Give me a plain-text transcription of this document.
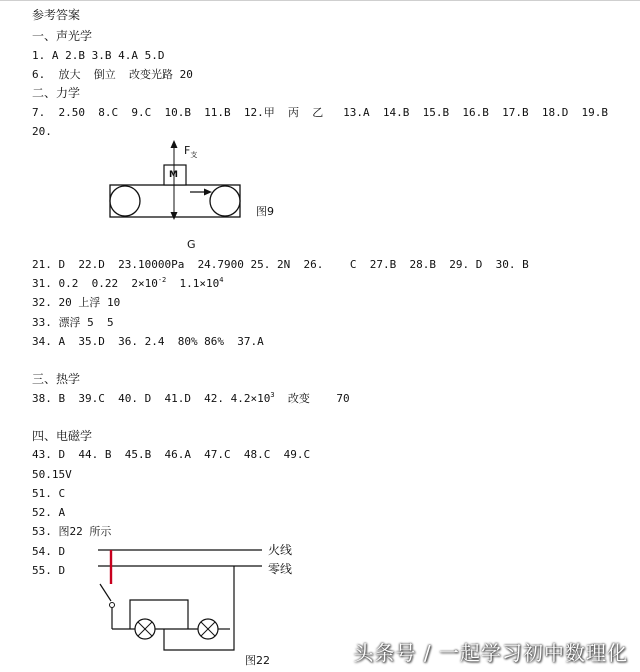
参考答案
一、声光学
1. A 2.B 3.B 4.A 5.D
6.  放大  倒立  改变光路 20
二、力学
7.  2.50  8.C  9.C  10.B  11.B  12.甲  丙  乙   13.A  14.B  15.B  16.B  17.B  18.D  19.B
20.
$F_支$
M
图9
G
21. D  22.D  23.10000Pa  24.7900 25. 2N  26.    C  27.B  28.B  29. D  30. B
31. 0.2  0.22  $2\times 10^{-2}$  $1.1\times 10^4$
32. 20 上浮 10
33. 漂浮 5  5
34. A  35.D  36. 2.4  80% 86%  37.A
三、热学
38. B  39.C  40. D  41.D  42. $4.2\times 10^3$  改变    70
四、电磁学
43. D  44. B  45.B  46.A  47.C  48.C  49.C
50.15V
51. C
52. A
53. 图22 所示
54. D
55. D
火线
零线
图22	头条号 / 一起学习初中数理化
